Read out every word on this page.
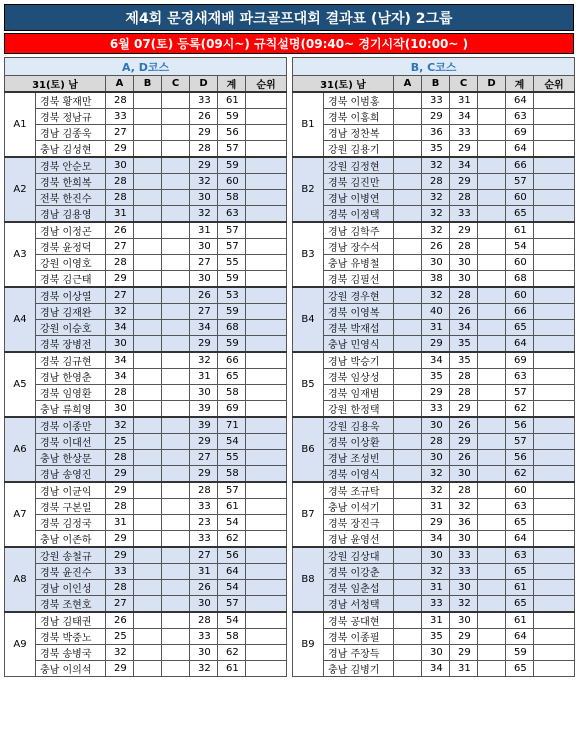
제4회 문경새재배 파크골프대회 결과표 (남자) 2그룹
6월 07(토) 등록(09시~) 규칙설명(09:40~ 경기시작(10:00~ )
A, D코스							
31(토) 남		A	B	C	D	계	순위
A1	경북 황재만	28			33	61	
	경북 정남규	33			26	59	
	경남 김종욱	27			29	56	
	충남 김성현	29			28	57	
A2	경북 안순모	30			29	59	
	경북 한희복	28			32	60	
	전북 한진수	28			30	58	
	경남 김용영	31			32	63	
A3	경남 이정곤	26			31	57	
	경북 윤정덕	27			30	57	
	강원 이영호	28			27	55	
	경북 김근태	29			30	59	
A4	경북 이상열	27			26	53	
	경남 김재완	32			27	59	
	강원 이승호	34			34	68	
	경북 장병전	30			29	59	
A5	경북 김규현	34			32	66	
	경남 한영춘	34			31	65	
	경북 임영환	28			30	58	
	충남 류희영	30			39	69	
A6	경북 이종만	32			39	71	
	경북 이대선	25			29	54	
	충남 한상문	28			27	55	
	경남 송영진	29			29	58	
A7	경남 이균익	29			28	57	
	경북 구본일	28			33	61	
	경북 김정국	31			23	54	
	충남 이존하	29			33	62	
A8	강원 송철규	29			27	56	
	경북 윤진수	33			31	64	
	경남 이인성	28			26	54	
	경북 조현호	27			30	57	
A9	경남 김태권	26			28	54	
	경북 박중노	25			33	58	
	경북 송병국	32			30	62	
	충남 이의석	29			32	61	
B, C코스							
31(토) 남		A	B	C	D	계	순위
B1	경북 이범홍		33	31		64	
	경북 이홍희		29	34		63	
	경남 정찬복		36	33		69	
	강원 김용기		35	29		64	
B2	강원 김정현		32	34		66	
	경북 김진만		28	29		57	
	경남 이병연		32	28		60	
	경북 이정택		32	33		65	
B3	경남 김학주		32	29		61	
	경남 장수석		26	28		54	
	충남 유병철		30	30		60	
	경북 김필선		38	30		68	
B4	강원 경우현		32	28		60	
	경북 이영복		40	26		66	
	경북 박재섭		31	34		65	
	충남 민영식		29	35		64	
B5	경남 박승기		34	35		69	
	경북 임상성		35	28		63	
	경북 임재범		29	28		57	
	강원 한정택		33	29		62	
B6	강원 김용욱		30	26		56	
	경북 이상환		28	29		57	
	경남 조성빈		30	26		56	
	경북 이영식		32	30		62	
B7	경북 조규탁		32	28		60	
	충남 이석기		31	32		63	
	경북 장진극		29	36		65	
	경남 윤영선		34	30		64	
B8	강원 김상대		30	33		63	
	경북 이강춘		32	33		65	
	경북 임춘섭		31	30		61	
	경남 서청택		33	32		65	
B9	경북 공대현		31	30		61	
	경북 이종필		35	29		64	
	경남 주장득		30	29		59	
	충남 김병기		34	31		65	
